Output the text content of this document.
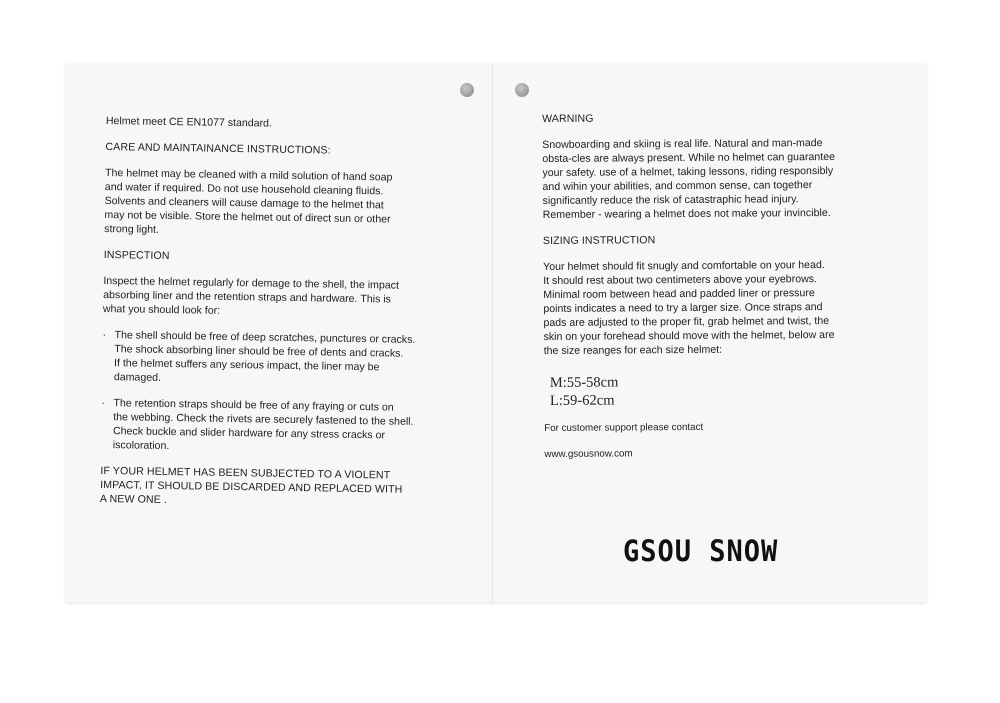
Helmet meet CE EN1077 standard.

CARE AND MAINTAINANCE INSTRUCTIONS:

The helmet may be cleaned with a mild solution of hand soap
and water if required. Do not use household cleaning fluids.
Solvents and cleaners will cause damage to the helmet that
may not be visible. Store the helmet out of direct sun or other
strong light.

INSPECTION

Inspect the helmet regularly for demage to the shell, the impact
absorbing liner and the retention straps and hardware. This is
what you should look for:
· The shell should be free of deep scratches, punctures or cracks.
The shock absorbing liner should be free of dents and cracks.
If the helmet suffers any serious impact, the liner may be
damaged.
· The retention straps should be free of any fraying or cuts on
the webbing. Check the rivets are securely fastened to the shell.
Check buckle and slider hardware for any stress cracks or
iscoloration.
IF YOUR HELMET HAS BEEN SUBJECTED TO A VIOLENT
IMPACT, IT SHOULD BE DISCARDED AND REPLACED WITH
A NEW ONE .

WARNING

Snowboarding and skiing is real life. Natural and man-made
obsta-cles are always present. While no helmet can guarantee
your safety. use of a helmet, taking lessons, riding responsibly
and wihin your abilities, and common sense, can together
significantly reduce the risk of catastraphic head injury.
Remember - wearing a helmet does not make your invincible.

SIZING INSTRUCTION

Your helmet should fit snugly and comfortable on your head.
It should rest about two centimeters above your eyebrows.
Minimal room between head and padded liner or pressure
points indicates a need to try a larger size. Once straps and
pads are adjusted to the proper fit, grab helmet and twist, the
skin on your forehead should move with the helmet, below are
the size reanges for each size helmet:
M:55-58cm
L:59-62cm

For customer support please contact

www.gsousnow.com

GSOU SNOW
